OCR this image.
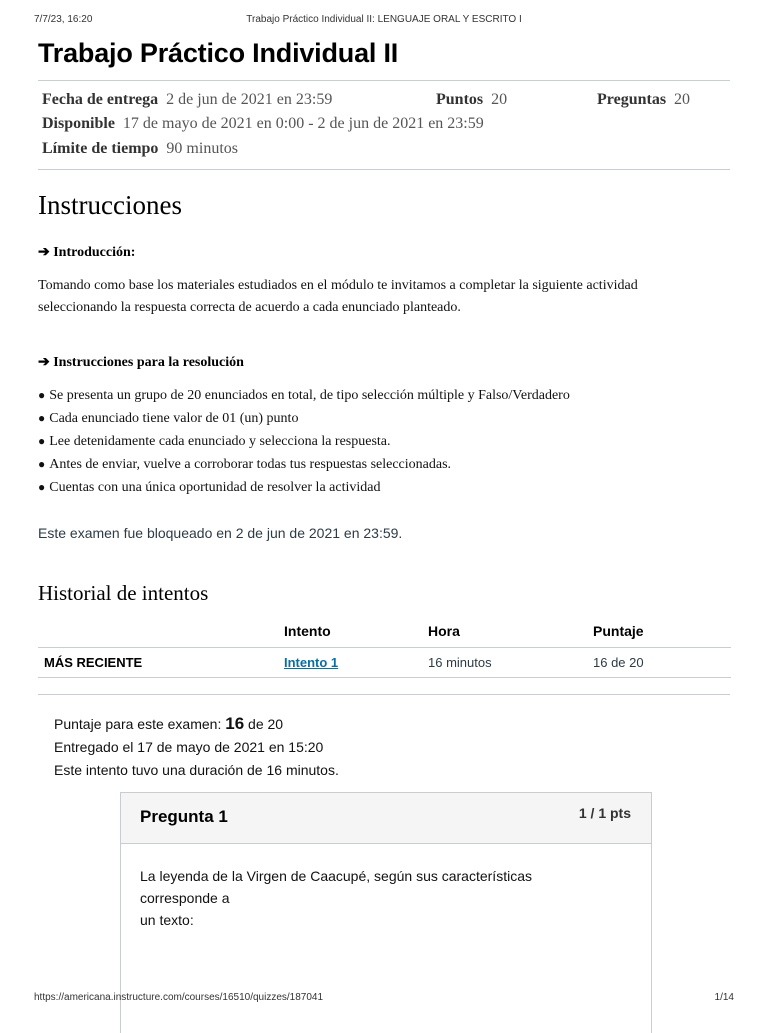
7/7/23, 16:20	Trabajo Práctico Individual II: LENGUAJE ORAL Y ESCRITO I
Trabajo Práctico Individual II
Fecha de entrega 2 de jun de 2021 en 23:59	Puntos 20	Preguntas 20
Disponible 17 de mayo de 2021 en 0:00 - 2 de jun de 2021 en 23:59
Límite de tiempo 90 minutos
Instrucciones
➔ Introducción:
Tomando como base los materiales estudiados en el módulo te invitamos a completar la siguiente actividad seleccionando la respuesta correcta de acuerdo a cada enunciado planteado.
➔ Instrucciones para la resolución
● Se presenta un grupo de 20 enunciados en total, de tipo selección múltiple y Falso/Verdadero
● Cada enunciado tiene valor de 01 (un) punto
● Lee detenidamente cada enunciado y selecciona la respuesta.
● Antes de enviar, vuelve a corroborar todas tus respuestas seleccionadas.
● Cuentas con una única oportunidad de resolver la actividad
Este examen fue bloqueado en 2 de jun de 2021 en 23:59.
Historial de intentos
	Intento	Hora	Puntaje
MÁS RECIENTE	Intento 1	16 minutos	16 de 20
Puntaje para este examen: 16 de 20
Entregado el 17 de mayo de 2021 en 15:20
Este intento tuvo una duración de 16 minutos.
Pregunta 1	1 / 1 pts
La leyenda de la Virgen de Caacupé, según sus características
corresponde a
un texto:
https://americana.instructure.com/courses/16510/quizzes/187041	1/14
